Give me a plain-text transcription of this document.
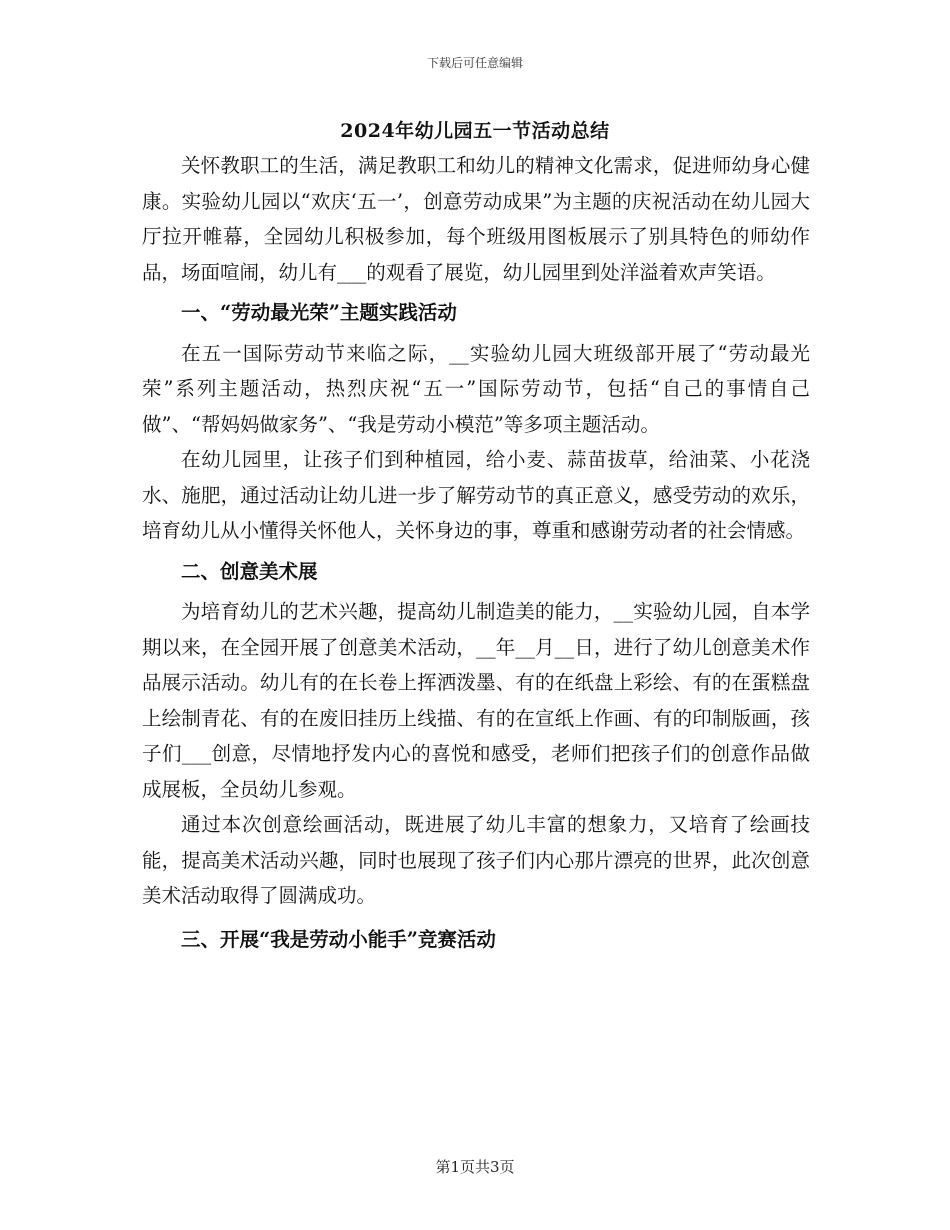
下载后可任意编辑
2024年幼儿园五一节活动总结

关怀教职工的生活，满足教职工和幼儿的精神文化需求，促进师幼身心健康。实验幼儿园以“欢庆‘五一’，创意劳动成果”为主题的庆祝活动在幼儿园大厅拉开帷幕，全园幼儿积极参加，每个班级用图板展示了别具特色的师幼作品，场面喧闹，幼儿有___的观看了展览，幼儿园里到处洋溢着欢声笑语。

一、“劳动最光荣”主题实践活动

在五一国际劳动节来临之际，__实验幼儿园大班级部开展了“劳动最光荣”系列主题活动，热烈庆祝“五一”国际劳动节，包括“自己的事情自己做”、“帮妈妈做家务”、“我是劳动小模范”等多项主题活动。

在幼儿园里，让孩子们到种植园，给小麦、蒜苗拔草，给油菜、小花浇水、施肥，通过活动让幼儿进一步了解劳动节的真正意义，感受劳动的欢乐，培育幼儿从小懂得关怀他人，关怀身边的事，尊重和感谢劳动者的社会情感。

二、创意美术展

为培育幼儿的艺术兴趣，提高幼儿制造美的能力，__实验幼儿园，自本学期以来，在全园开展了创意美术活动，__年__月__日，进行了幼儿创意美术作品展示活动。幼儿有的在长卷上挥洒泼墨、有的在纸盘上彩绘、有的在蛋糕盘上绘制青花、有的在废旧挂历上线描、有的在宣纸上作画、有的印制版画，孩子们___创意，尽情地抒发内心的喜悦和感受，老师们把孩子们的创意作品做成展板，全员幼儿参观。

通过本次创意绘画活动，既进展了幼儿丰富的想象力，又培育了绘画技能，提高美术活动兴趣，同时也展现了孩子们内心那片漂亮的世界，此次创意美术活动取得了圆满成功。

三、开展“我是劳动小能手”竞赛活动
第1页共3页
